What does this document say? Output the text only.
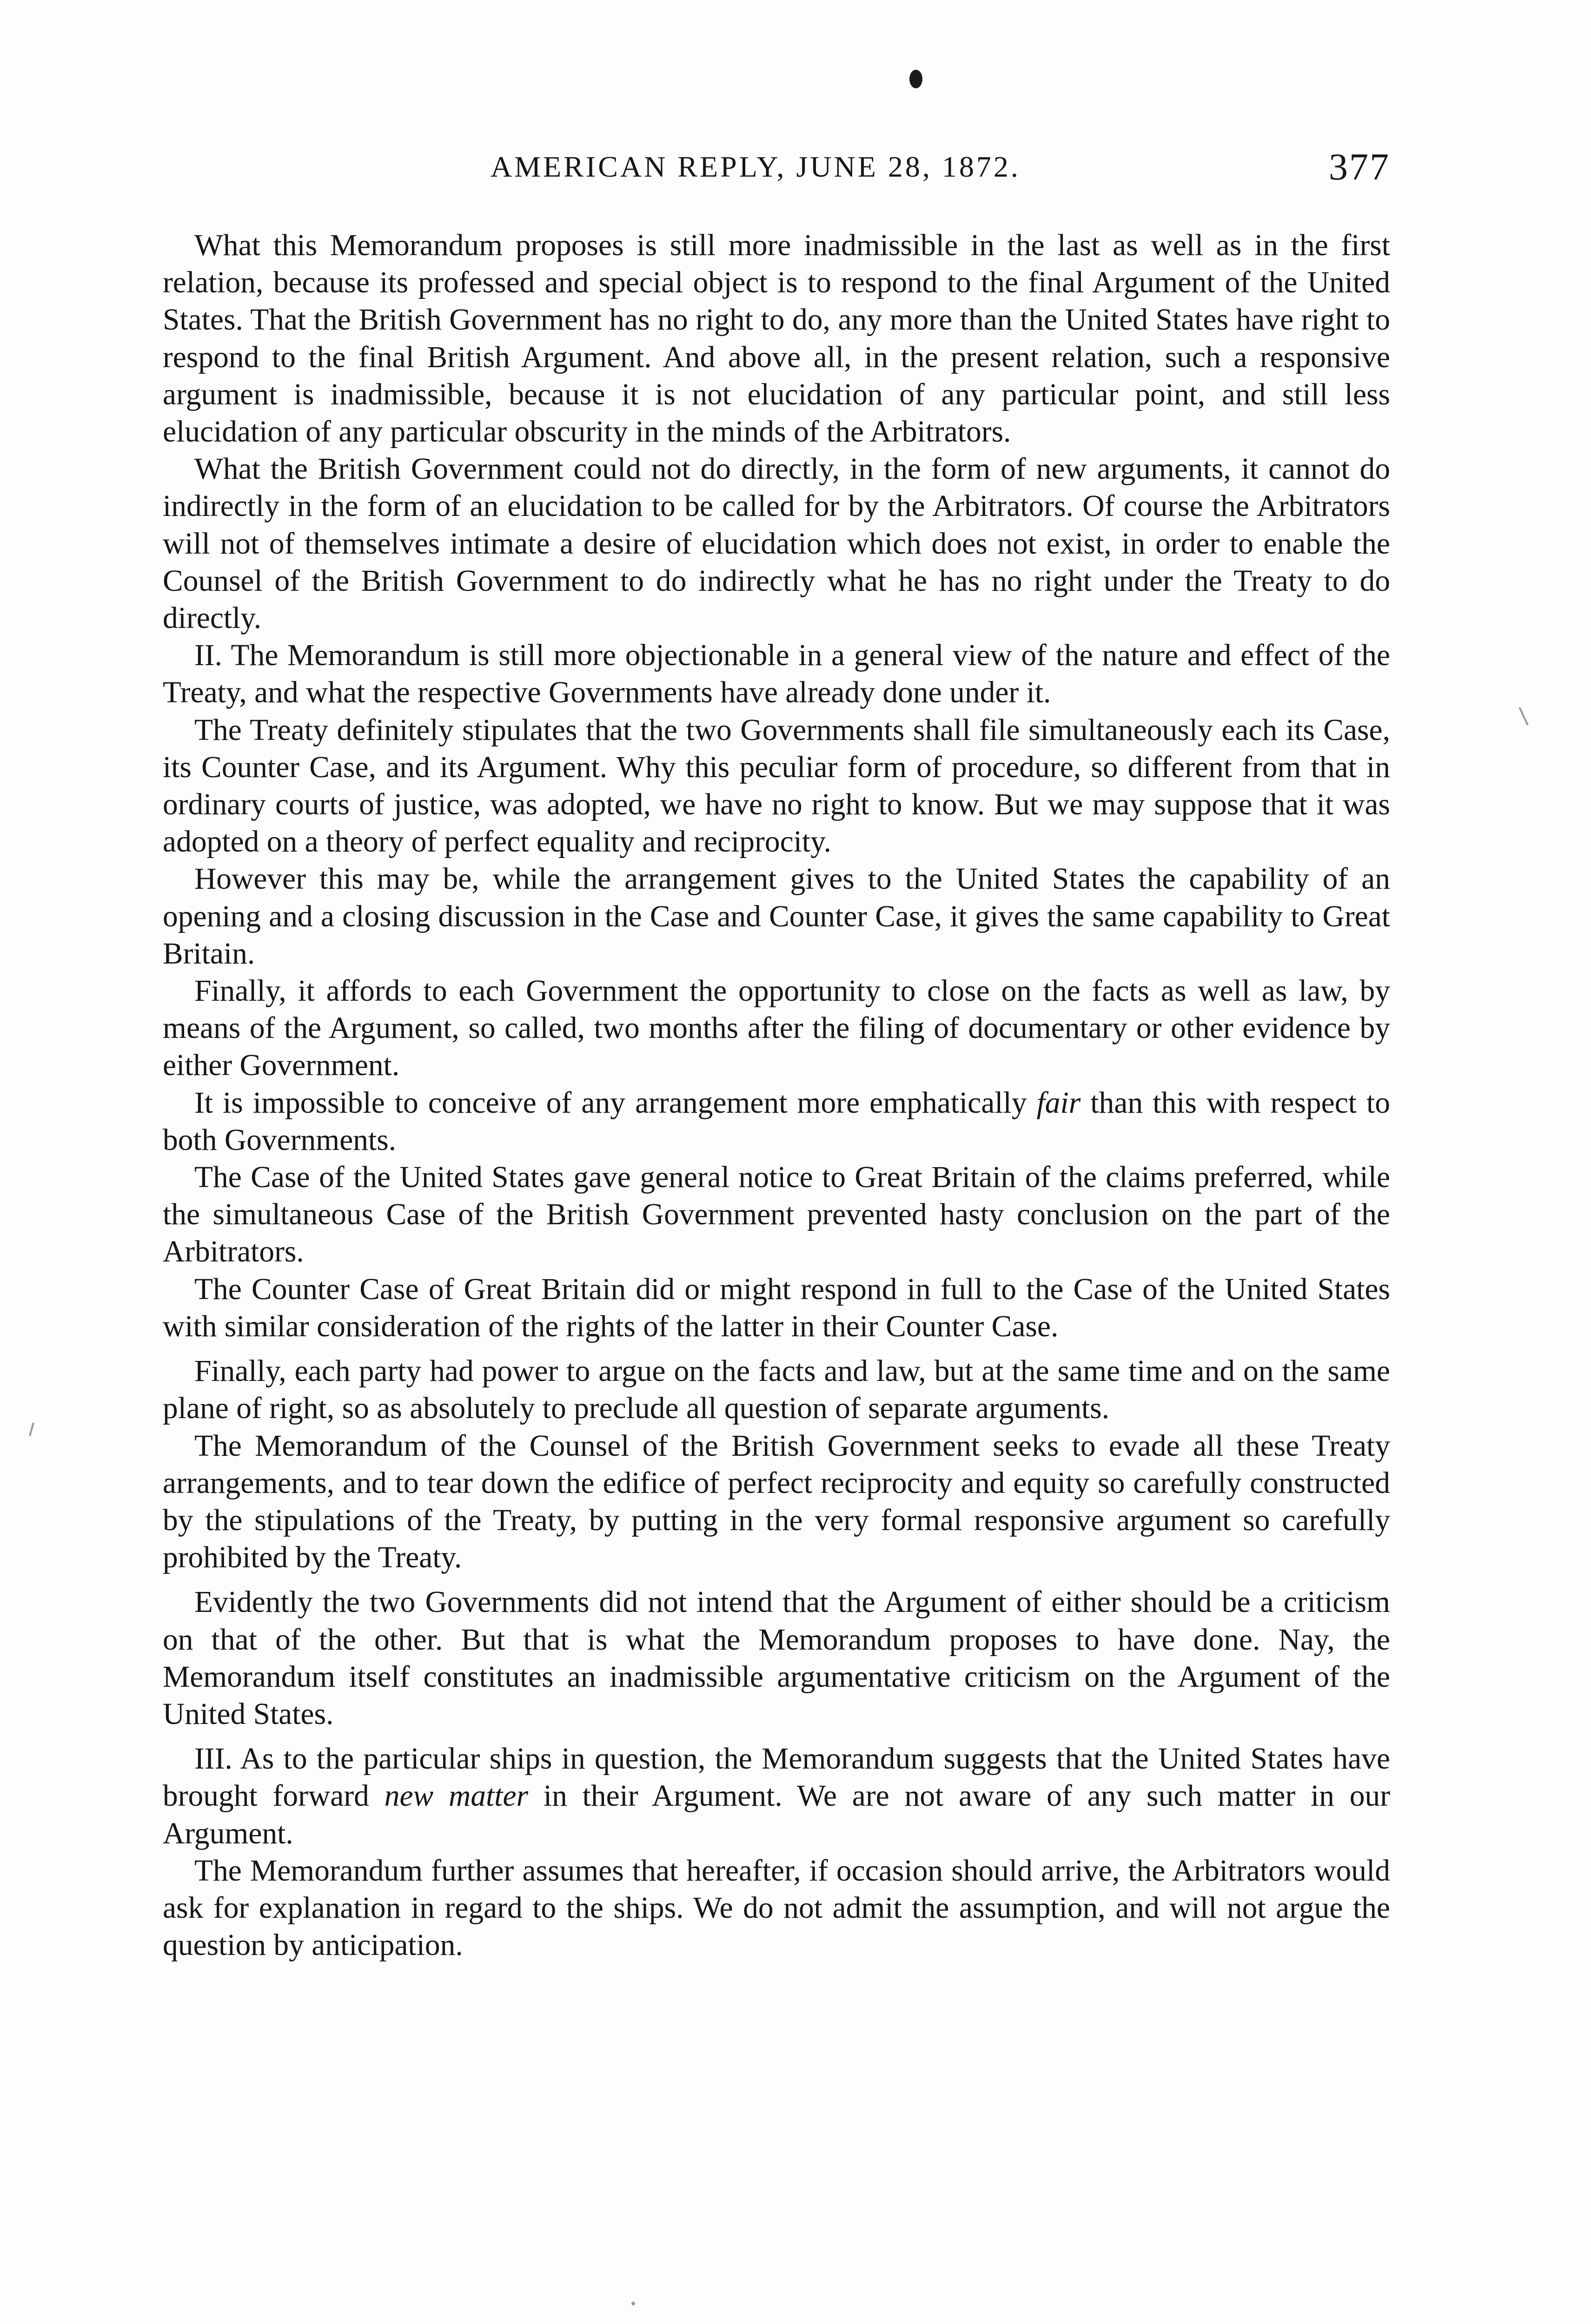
AMERICAN REPLY, JUNE 28, 1872.	377

What this Memorandum proposes is still more inadmissible in the last as well as in the first relation, because its professed and special object is to respond to the final Argument of the United States. That the British Government has no right to do, any more than the United States have right to respond to the final British Argument. And above all, in the present relation, such a responsive argument is inadmissible, because it is not elucidation of any particular point, and still less elucidation of any particular obscurity in the minds of the Arbitrators.

What the British Government could not do directly, in the form of new arguments, it cannot do indirectly in the form of an elucidation to be called for by the Arbitrators. Of course the Arbitrators will not of themselves intimate a desire of elucidation which does not exist, in order to enable the Counsel of the British Government to do indirectly what he has no right under the Treaty to do directly.

II. The Memorandum is still more objectionable in a general view of the nature and effect of the Treaty, and what the respective Governments have already done under it.

The Treaty definitely stipulates that the two Governments shall file simultaneously each its Case, its Counter Case, and its Argument. Why this peculiar form of procedure, so different from that in ordinary courts of justice, was adopted, we have no right to know. But we may suppose that it was adopted on a theory of perfect equality and reciprocity.

However this may be, while the arrangement gives to the United States the capability of an opening and a closing discussion in the Case and Counter Case, it gives the same capability to Great Britain.

Finally, it affords to each Government the opportunity to close on the facts as well as law, by means of the Argument, so called, two months after the filing of documentary or other evidence by either Government.

It is impossible to conceive of any arrangement more emphatically fair than this with respect to both Governments.

The Case of the United States gave general notice to Great Britain of the claims preferred, while the simultaneous Case of the British Government prevented hasty conclusion on the part of the Arbitrators.

The Counter Case of Great Britain did or might respond in full to the Case of the United States with similar consideration of the rights of the latter in their Counter Case.

Finally, each party had power to argue on the facts and law, but at the same time and on the same plane of right, so as absolutely to preclude all question of separate arguments.

The Memorandum of the Counsel of the British Government seeks to evade all these Treaty arrangements, and to tear down the edifice of perfect reciprocity and equity so carefully constructed by the stipulations of the Treaty, by putting in the very formal responsive argument so carefully prohibited by the Treaty.

Evidently the two Governments did not intend that the Argument of either should be a criticism on that of the other. But that is what the Memorandum proposes to have done. Nay, the Memorandum itself constitutes an inadmissible argumentative criticism on the Argument of the United States.

III. As to the particular ships in question, the Memorandum suggests that the United States have brought forward new matter in their Argument. We are not aware of any such matter in our Argument.

The Memorandum further assumes that hereafter, if occasion should arrive, the Arbitrators would ask for explanation in regard to the ships. We do not admit the assumption, and will not argue the question by anticipation.
